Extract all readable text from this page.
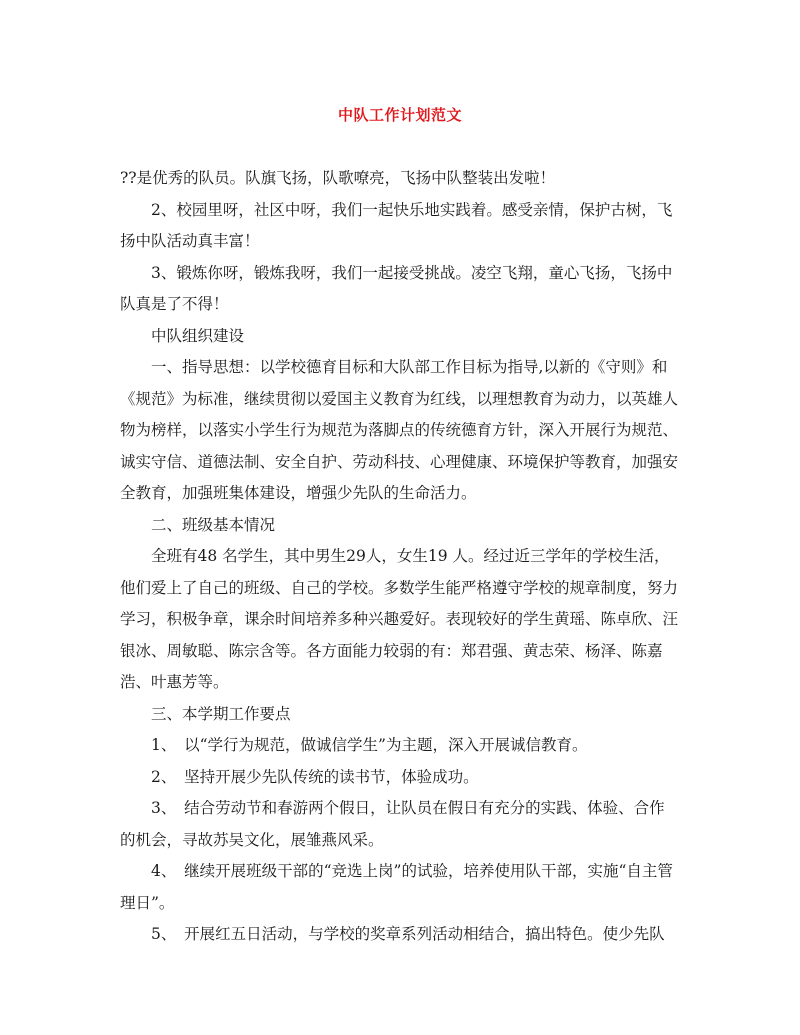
中队工作计划范文

??是优秀的队员。队旗飞扬，队歌嘹亮，飞扬中队整装出发啦！

2、校园里呀，社区中呀，我们一起快乐地实践着。感受亲情，保护古树，飞扬中队活动真丰富！

3、锻炼你呀，锻炼我呀，我们一起接受挑战。凌空飞翔，童心飞扬，飞扬中队真是了不得！

中队组织建设

一、指导思想：以学校德育目标和大队部工作目标为指导,以新的《守则》和《规范》为标准，继续贯彻以爱国主义教育为红线，以理想教育为动力，以英雄人物为榜样，以落实小学生行为规范为落脚点的传统德育方针，深入开展行为规范、诚实守信、道德法制、安全自护、劳动科技、心理健康、环境保护等教育，加强安全教育，加强班集体建设，增强少先队的生命活力。

二、班级基本情况

全班有48 名学生，其中男生29人，女生19 人。经过近三学年的学校生活，他们爱上了自己的班级、自己的学校。多数学生能严格遵守学校的规章制度，努力学习，积极争章，课余时间培养多种兴趣爱好。表现较好的学生黄瑶、陈卓欣、汪银冰、周敏聪、陈宗含等。各方面能力较弱的有：郑君强、黄志荣、杨泽、陈嘉浩、叶惠芳等。

三、本学期工作要点

1、　以“学行为规范，做诚信学生”为主题，深入开展诚信教育。

2、　坚持开展少先队传统的读书节，体验成功。

3、　结合劳动节和春游两个假日，让队员在假日有充分的实践、体验、合作的机会，寻故苏吴文化，展雏燕风采。

4、　继续开展班级干部的“竞选上岗”的试验，培养使用队干部，实施“自主管理日”。

5、　开展红五日活动，与学校的奖章系列活动相结合，搞出特色。使少先队
